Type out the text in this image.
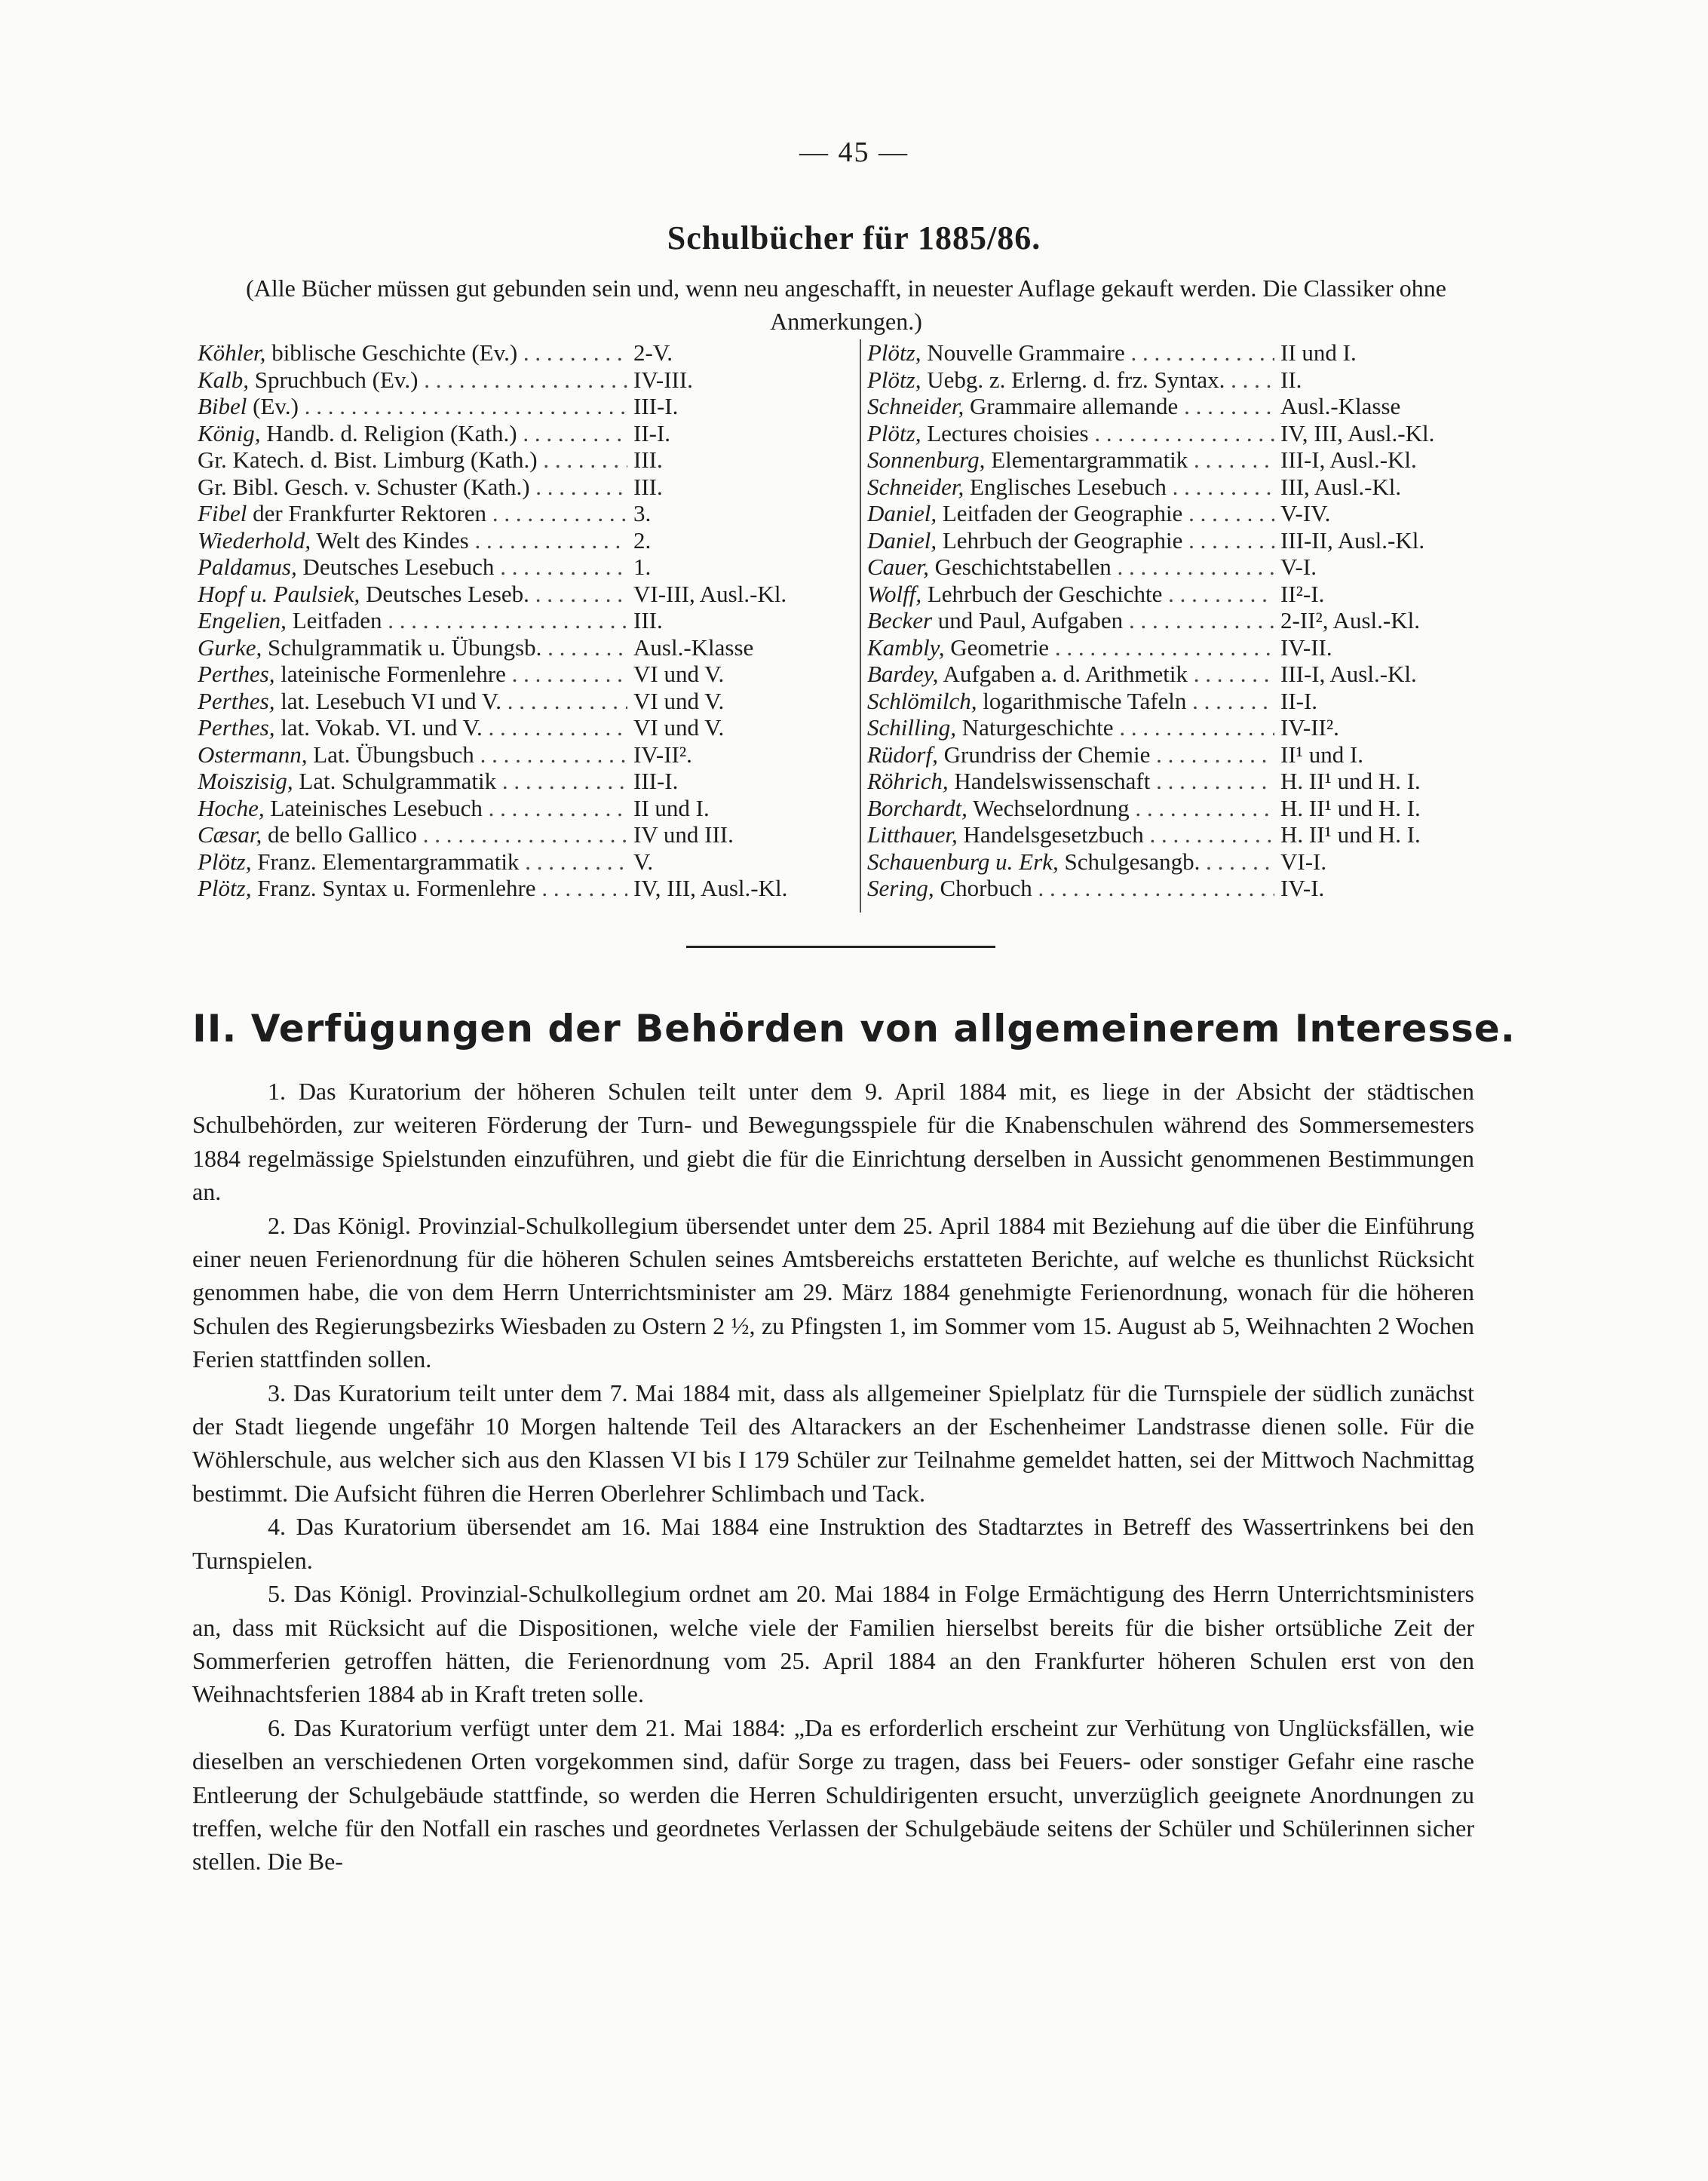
— 45 —
Schulbücher für 1885/86.
(Alle Bücher müssen gut gebunden sein und, wenn neu angeschafft, in neuester Auflage gekauft werden. Die Classiker ohne Anmerkungen.)
Köhler, biblische Geschichte (Ev.) . . .	2-V.
Kalb, Spruchbuch (Ev.) . . .	IV-III.
Bibel (Ev.) . . .	III-I.
König, Handb. d. Religion (Kath.) . . .	II-I.
Gr. Katech. d. Bist. Limburg (Kath.) . . .	III.
Gr. Bibl. Gesch. v. Schuster (Kath.) . . .	III.
Fibel der Frankfurter Rektoren . . .	3.
Wiederhold, Welt des Kindes . . .	2.
Paldamus, Deutsches Lesebuch . . .	1.
Hopf u. Paulsiek, Deutsches Leseb. . . .	VI-III, Ausl.-Kl.
Engelien, Leitfaden . . .	III.
Gurke, Schulgrammatik u. Übungsb. . . .	Ausl.-Klasse
Perthes, lateinische Formenlehre . . .	VI und V.
Perthes, lat. Lesebuch VI und V. . . .	VI und V.
Perthes, lat. Vokab. VI. und V. . . .	VI und V.
Ostermann, Lat. Übungsbuch . . .	IV-II².
Moiszisig, Lat. Schulgrammatik . . .	III-I.
Hoche, Lateinisches Lesebuch . . .	II und I.
Cæsar, de bello Gallico . . .	IV und III.
Plötz, Franz. Elementargrammatik . . .	V.
Plötz, Franz. Syntax u. Formenlehre . . .	IV, III, Ausl.-Kl.
Plötz, Nouvelle Grammaire . . .	II und I.
Plötz, Uebg. z. Erlerng. d. frz. Syntax. . . .	II.
Schneider, Grammaire allemande . . .	Ausl.-Klasse
Plötz, Lectures choisies . . .	IV, III, Ausl.-Kl.
Sonnenburg, Elementargrammatik . . .	III-I, Ausl.-Kl.
Schneider, Englisches Lesebuch . . .	III, Ausl.-Kl.
Daniel, Leitfaden der Geographie . . .	V-IV.
Daniel, Lehrbuch der Geographie . . .	III-II, Ausl.-Kl.
Cauer, Geschichtstabellen . . .	V-I.
Wolff, Lehrbuch der Geschichte . . .	II²-I.
Becker und Paul, Aufgaben . . .	2-II², Ausl.-Kl.
Kambly, Geometrie . . .	IV-II.
Bardey, Aufgaben a. d. Arithmetik . . .	III-I, Ausl.-Kl.
Schlömilch, logarithmische Tafeln . . .	II-I.
Schilling, Naturgeschichte . . .	IV-II².
Rüdorf, Grundriss der Chemie . . .	II¹ und I.
Röhrich, Handelswissenschaft . . .	H. II¹ und H. I.
Borchardt, Wechselordnung . . .	H. II¹ und H. I.
Litthauer, Handelsgesetzbuch . . .	H. II¹ und H. I.
Schauenburg u. Erk, Schulgesangb. . . .	VI-I.
Sering, Chorbuch . . .	IV-I.
II. Verfügungen der Behörden von allgemeinerem Interesse.

1. Das Kuratorium der höheren Schulen teilt unter dem 9. April 1884 mit, es liege in der Absicht der städtischen Schulbehörden, zur weiteren Förderung der Turn- und Bewegungsspiele für die Knabenschulen während des Sommersemesters 1884 regelmässige Spielstunden einzuführen, und giebt die für die Einrichtung derselben in Aussicht genommenen Bestimmungen an.

2. Das Königl. Provinzial-Schulkollegium übersendet unter dem 25. April 1884 mit Beziehung auf die über die Einführung einer neuen Ferienordnung für die höheren Schulen seines Amtsbereichs erstatteten Berichte, auf welche es thunlichst Rücksicht genommen habe, die von dem Herrn Unterrichtsminister am 29. März 1884 genehmigte Ferienordnung, wonach für die höheren Schulen des Regierungsbezirks Wiesbaden zu Ostern 2 ½, zu Pfingsten 1, im Sommer vom 15. August ab 5, Weihnachten 2 Wochen Ferien stattfinden sollen.

3. Das Kuratorium teilt unter dem 7. Mai 1884 mit, dass als allgemeiner Spielplatz für die Turnspiele der südlich zunächst der Stadt liegende ungefähr 10 Morgen haltende Teil des Altarackers an der Eschenheimer Landstrasse dienen solle. Für die Wöhlerschule, aus welcher sich aus den Klassen VI bis I 179 Schüler zur Teilnahme gemeldet hatten, sei der Mittwoch Nachmittag bestimmt. Die Aufsicht führen die Herren Oberlehrer Schlimbach und Tack.

4. Das Kuratorium übersendet am 16. Mai 1884 eine Instruktion des Stadtarztes in Betreff des Wassertrinkens bei den Turnspielen.

5. Das Königl. Provinzial-Schulkollegium ordnet am 20. Mai 1884 in Folge Ermächtigung des Herrn Unterrichtsministers an, dass mit Rücksicht auf die Dispositionen, welche viele der Familien hierselbst bereits für die bisher ortsübliche Zeit der Sommerferien getroffen hätten, die Ferienordnung vom 25. April 1884 an den Frankfurter höheren Schulen erst von den Weihnachtsferien 1884 ab in Kraft treten solle.

6. Das Kuratorium verfügt unter dem 21. Mai 1884: „Da es erforderlich erscheint zur Verhütung von Unglücksfällen, wie dieselben an verschiedenen Orten vorgekommen sind, dafür Sorge zu tragen, dass bei Feuers- oder sonstiger Gefahr eine rasche Entleerung der Schulgebäude stattfinde, so werden die Herren Schuldirigenten ersucht, unverzüglich geeignete Anordnungen zu treffen, welche für den Notfall ein rasches und geordnetes Verlassen der Schulgebäude seitens der Schüler und Schülerinnen sicher stellen. Die Be-
